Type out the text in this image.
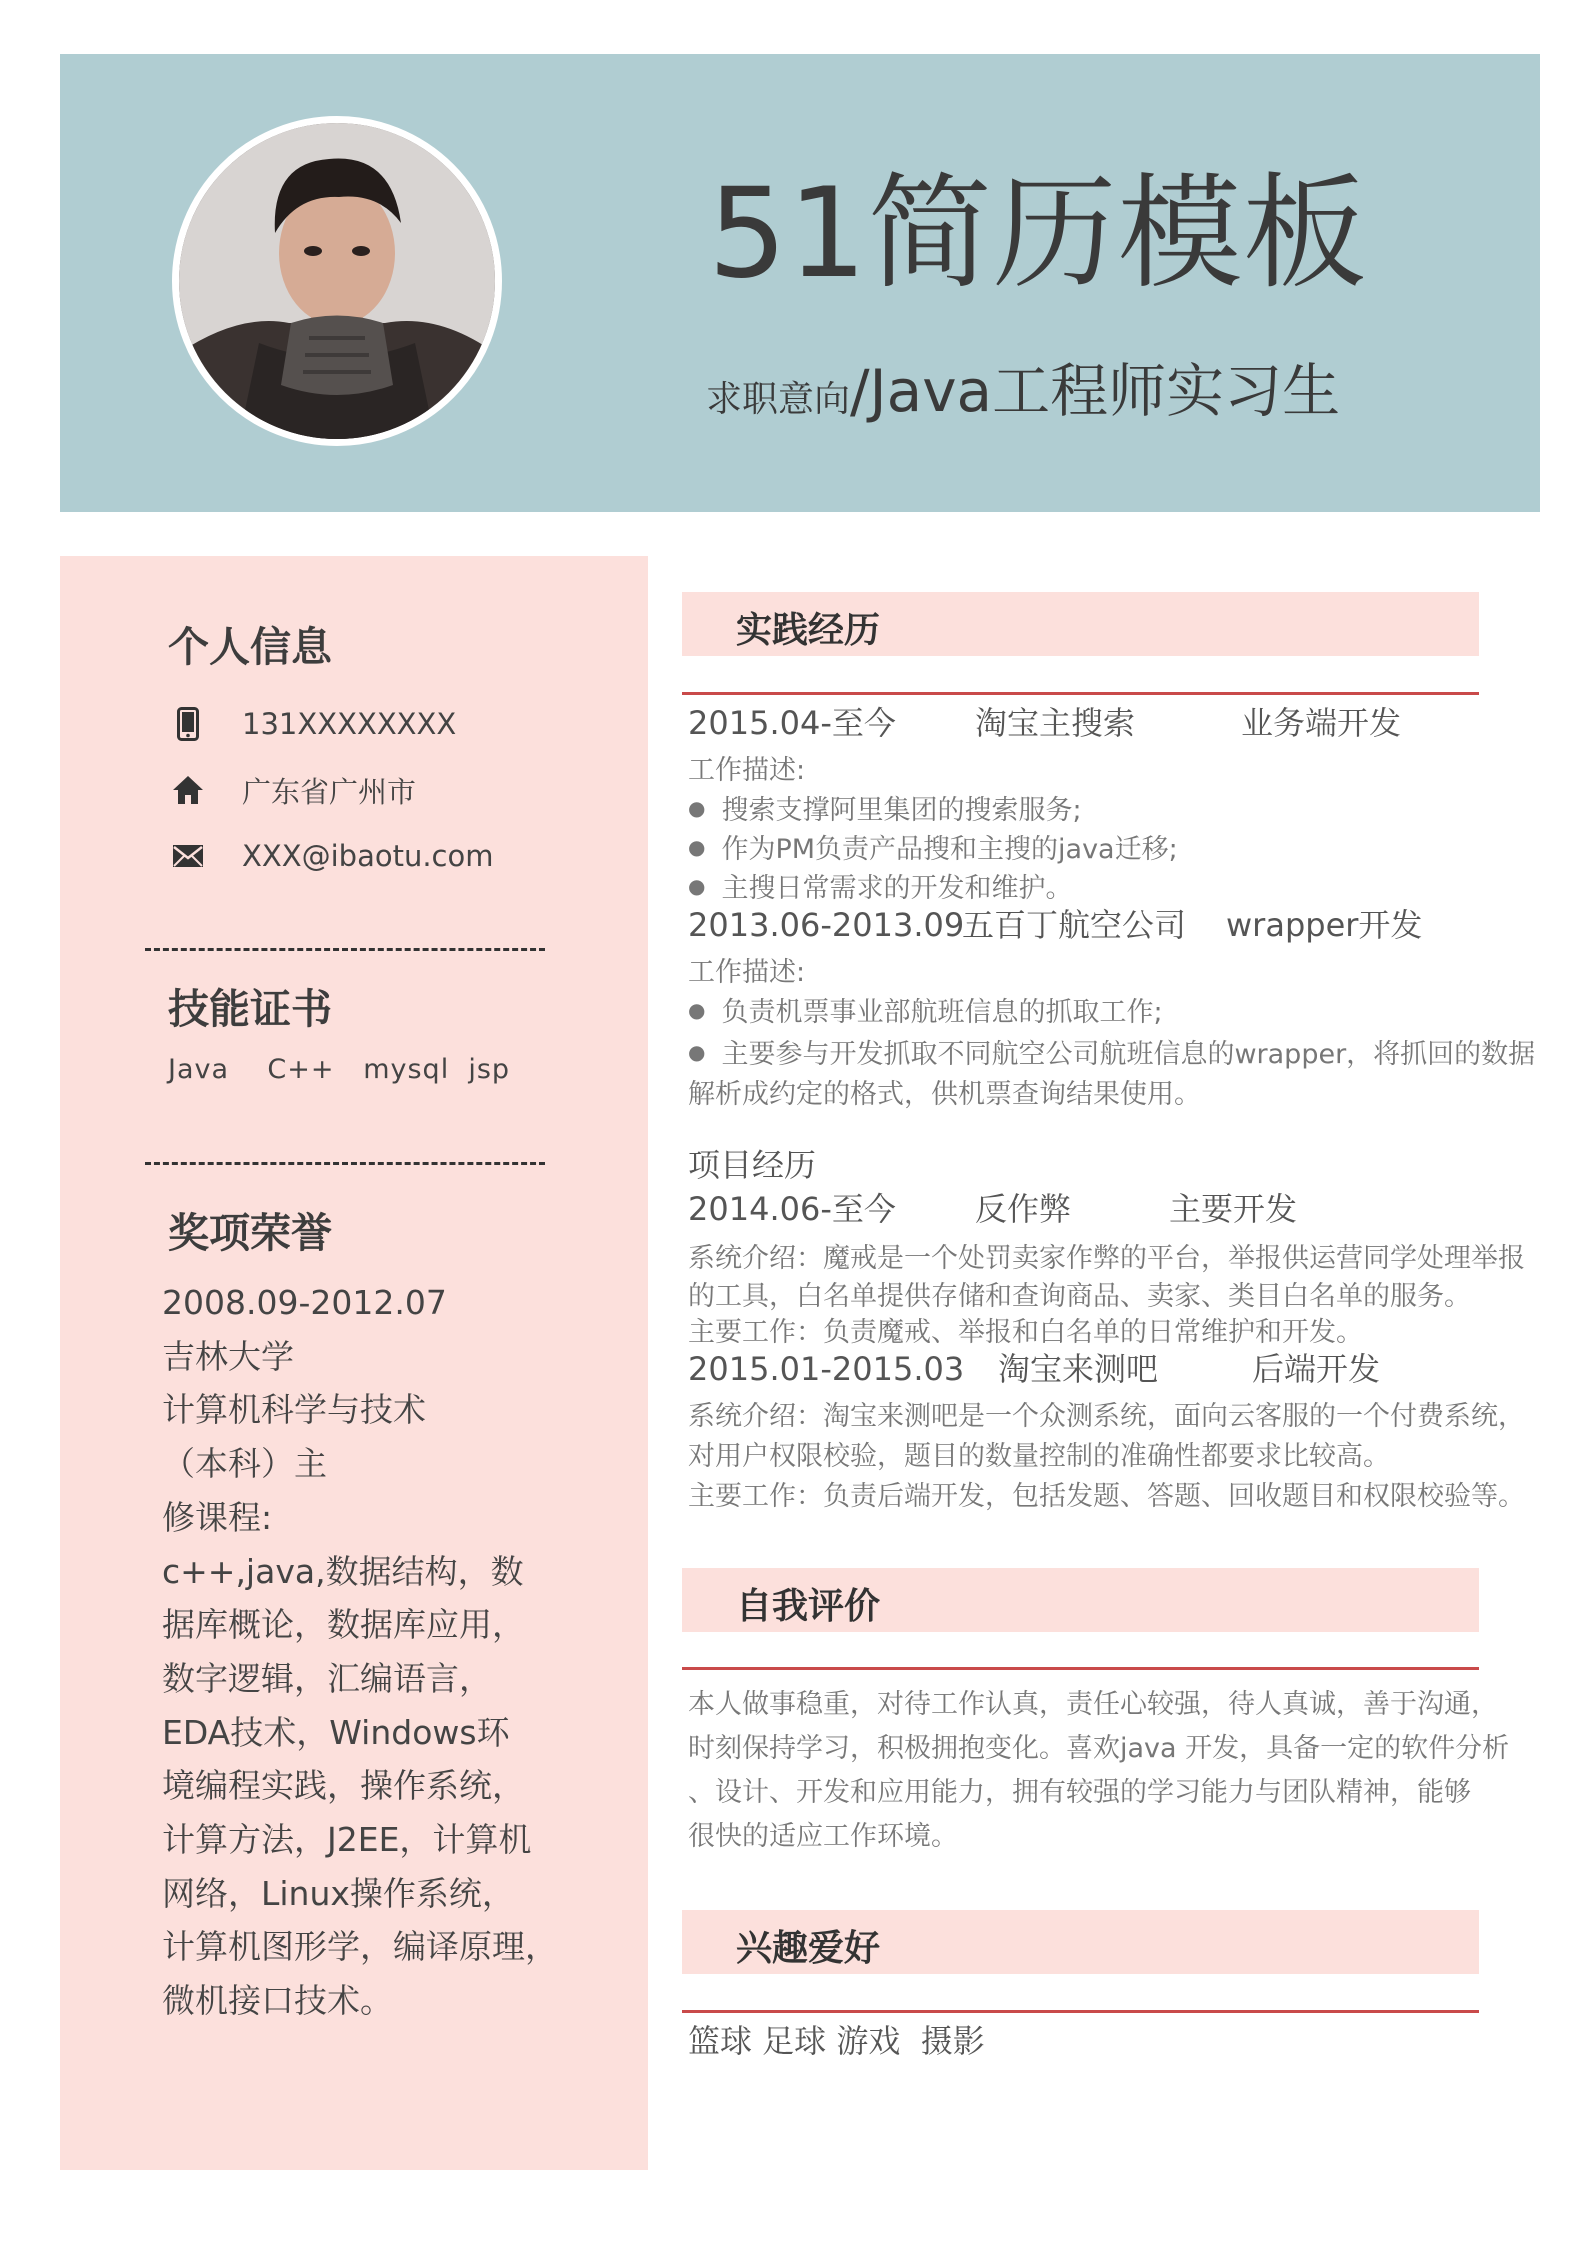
51简历模板
求职意向/Java工程师实习生
个人信息
131XXXXXXXX
广东省广州市
XXX@ibaotu.com
技能证书
Java    C++   mysql  jsp
奖项荣誉
2008.09-2012.07
吉林大学
计算机科学与技术
（本科）主
修课程:
c++,java,数据结构，数
据库概论，数据库应用，
数字逻辑，汇编语言，
EDA技术，Windows环
境编程实践，操作系统，
计算方法，J2EE，计算机
网络，Linux操作系统，
计算机图形学，编译原理，
微机接口技术。
实践经历
2015.04-至今 淘宝主搜索	业务端开发
工作描述:
● 搜索支撑阿里集团的搜索服务;
● 作为PM负责产品搜和主搜的java迁移;
● 主搜日常需求的开发和维护。
2013.06-2013.09五百丁航空公司 wrapper开发
工作描述:
● 负责机票事业部航班信息的抓取工作;
● 主要参与开发抓取不同航空公司航班信息的wrapper，将抓回的数据
解析成约定的格式，供机票查询结果使用。
项目经历
2014.06-至今 反作弊	主要开发
系统介绍：魔戒是一个处罚卖家作弊的平台，举报供运营同学处理举报
的工具，白名单提供存储和查询商品、卖家、类目白名单的服务。
主要工作：负责魔戒、举报和白名单的日常维护和开发。
2015.01-2015.03 淘宝来测吧	后端开发
系统介绍：淘宝来测吧是一个众测系统，面向云客服的一个付费系统，
对用户权限校验，题目的数量控制的准确性都要求比较高。
主要工作：负责后端开发，包括发题、答题、回收题目和权限校验等。
自我评价
本人做事稳重，对待工作认真，责任心较强，待人真诚，善于沟通，
时刻保持学习，积极拥抱变化。喜欢java 开发，具备一定的软件分析
、设计、开发和应用能力，拥有较强的学习能力与团队精神，能够
很快的适应工作环境。
兴趣爱好
篮球 足球 游戏  摄影
